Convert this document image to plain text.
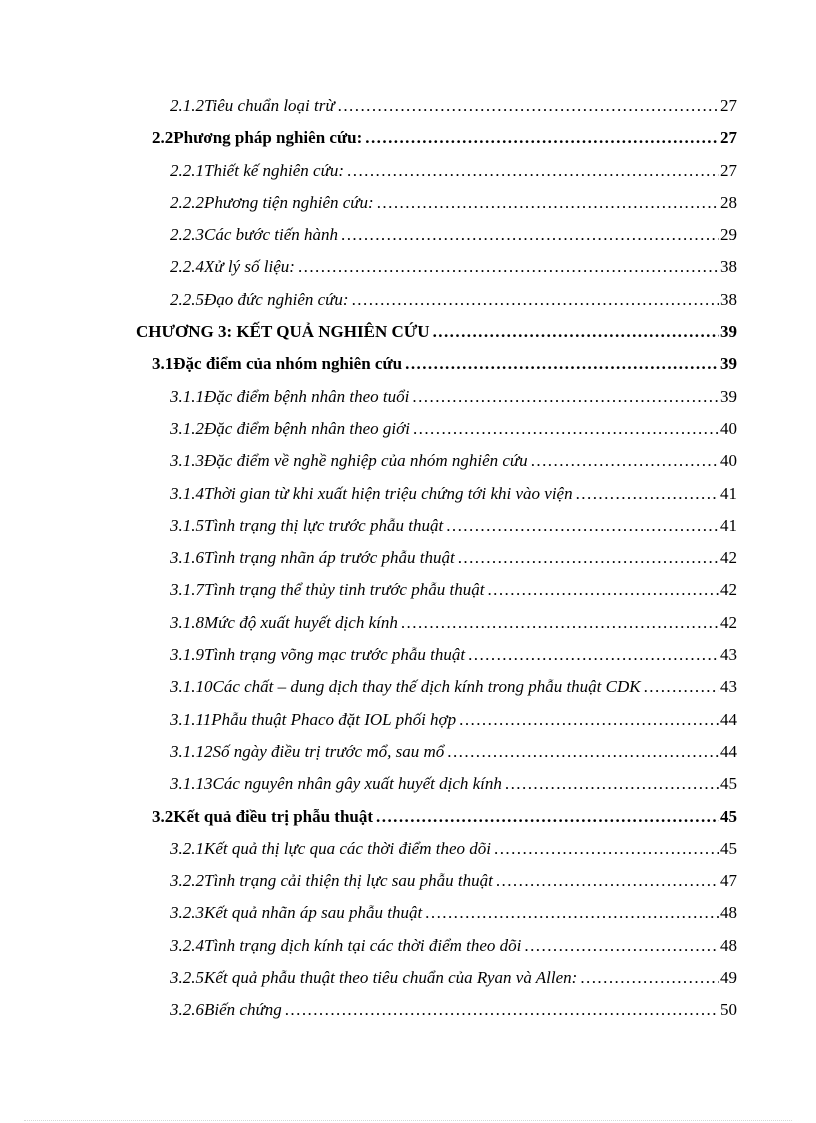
2.1.2 Tiêu chuẩn loại trừ . . .	27
2.2 Phương pháp nghiên cứu: . . .	27
2.2.1 Thiết kế nghiên cứu: . . .	27
2.2.2 Phương tiện nghiên cứu: . . .	28
2.2.3 Các bước tiến hành . . .	29
2.2.4 Xử lý số liệu: . . .	38
2.2.5 Đạo đức nghiên cứu: . . .	38
CHƯƠNG 3: KẾT QUẢ NGHIÊN CỨU . . .	39
3.1 Đặc điểm của nhóm nghiên cứu . . .	39
3.1.1 Đặc điểm bệnh nhân theo tuổi . . .	39
3.1.2 Đặc điểm bệnh nhân theo giới . . .	40
3.1.3 Đặc điểm về nghề nghiệp của nhóm nghiên cứu . . .	40
3.1.4 Thời gian từ khi xuất hiện triệu chứng tới khi vào viện . . .	41
3.1.5 Tình trạng thị lực trước phẫu thuật . . .	41
3.1.6 Tình trạng nhãn áp trước phẫu thuật . . .	42
3.1.7 Tình trạng thể thủy tinh trước phẫu thuật . . .	42
3.1.8 Mức độ xuất huyết dịch kính . . .	42
3.1.9 Tình trạng võng mạc trước phẫu thuật . . .	43
3.1.10 Các chất – dung dịch thay thế dịch kính trong phẫu thuật CDK . . .	43
3.1.11 Phẫu thuật Phaco đặt IOL phối hợp . . .	44
3.1.12 Số ngày điều trị trước mổ, sau mổ . . .	44
3.1.13 Các nguyên nhân gây xuất huyết dịch kính . . .	45
3.2 Kết quả điều trị phẫu thuật . . .	45
3.2.1 Kết quả thị lực qua các thời điểm theo dõi . . .	45
3.2.2 Tình trạng cải thiện thị lực sau phẫu thuật . . .	47
3.2.3 Kết quả nhãn áp sau phẫu thuật . . .	48
3.2.4 Tình trạng dịch kính tại các thời điểm theo dõi . . .	48
3.2.5 Kết quả phẫu thuật theo tiêu chuẩn của Ryan và Allen: . . .	49
3.2.6 Biến chứng . . .	50
